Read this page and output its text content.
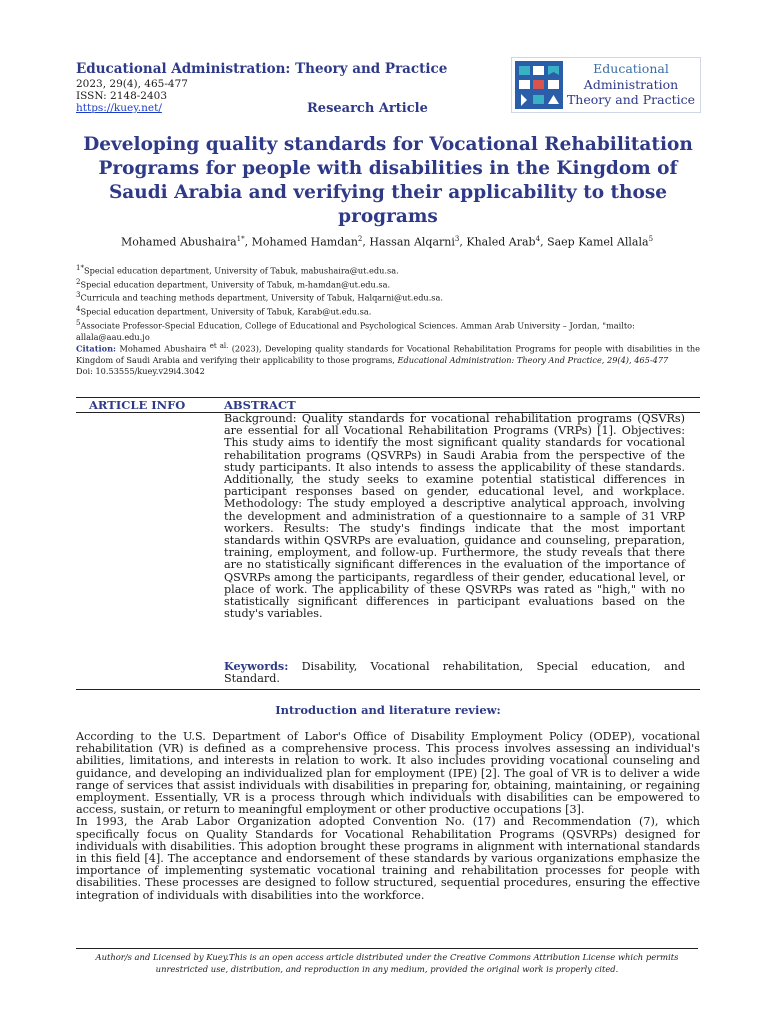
Educational Administration: Theory and Practice
2023, 29(4), 465-477
ISSN: 2148-2403
https://kuey.net/	Research Article
Educational
Administration
Theory and Practice
Developing quality standards for Vocational Rehabilitation Programs for people with disabilities in the Kingdom of Saudi Arabia and verifying their applicability to those programs
Mohamed Abushaira$^{1*}$, Mohamed Hamdan$^2$, Hassan Alqarni$^3$, Khaled Arab$^4$, Saep Kamel Allala$^5$
$^{1*}$Special education department, University of Tabuk, mabushaira@ut.edu.sa.
$^2$Special education department, University of Tabuk, m-hamdan@ut.edu.sa.
$^3$Curricula and teaching methods department, University of Tabuk, Halqarni@ut.edu.sa.
$^4$Special education department, University of Tabuk, Karab@ut.edu.sa.
$^5$Associate Professor-Special Education, College of Educational and Psychological Sciences. Amman Arab University – Jordan, "mailto: allala@aau.edu.jo
Citation: Mohamed Abushaira $^{et al.}$ (2023), Developing quality standards for Vocational Rehabilitation Programs for people with disabilities in the Kingdom of Saudi Arabia and verifying their applicability to those programs, Educational Administration: Theory And Practice, 29(4), 465-477
Doi: 10.53555/kuey.v29i4.3042
ARTICLE INFO	ABSTRACT
Background: Quality standards for vocational rehabilitation programs (QSVRs) are essential for all Vocational Rehabilitation Programs (VRPs) [1]. Objectives: This study aims to identify the most significant quality standards for vocational rehabilitation programs (QSVRPs) in Saudi Arabia from the perspective of the study participants. It also intends to assess the applicability of these standards. Additionally, the study seeks to examine potential statistical differences in participant responses based on gender, educational level, and workplace. Methodology: The study employed a descriptive analytical approach, involving the development and administration of a questionnaire to a sample of 31 VRP workers. Results: The study's findings indicate that the most important standards within QSVRPs are evaluation, guidance and counseling, preparation, training, employment, and follow-up. Furthermore, the study reveals that there are no statistically significant differences in the evaluation of the importance of QSVRPs among the participants, regardless of their gender, educational level, or place of work. The applicability of these QSVRPs was rated as "high," with no statistically significant differences in participant evaluations based on the study's variables.
Keywords: Disability, Vocational rehabilitation, Special education, and Standard.
Introduction and literature review:

According to the U.S. Department of Labor's Office of Disability Employment Policy (ODEP), vocational rehabilitation (VR) is defined as a comprehensive process. This process involves assessing an individual's abilities, limitations, and interests in relation to work. It also includes providing vocational counseling and guidance, and developing an individualized plan for employment (IPE) [2]. The goal of VR is to deliver a wide range of services that assist individuals with disabilities in preparing for, obtaining, maintaining, or regaining employment. Essentially, VR is a process through which individuals with disabilities can be empowered to access, sustain, or return to meaningful employment or other productive occupations [3].

In 1993, the Arab Labor Organization adopted Convention No. (17) and Recommendation (7), which specifically focus on Quality Standards for Vocational Rehabilitation Programs (QSVRPs) designed for individuals with disabilities. This adoption brought these programs in alignment with international standards in this field [4]. The acceptance and endorsement of these standards by various organizations emphasize the importance of implementing systematic vocational training and rehabilitation processes for people with disabilities. These processes are designed to follow structured, sequential procedures, ensuring the effective integration of individuals with disabilities into the workforce.

Author/s and Licensed by Kuey.This is an open access article distributed under the Creative Commons Attribution License which permits unrestricted use, distribution, and reproduction in any medium, provided the original work is properly cited.
